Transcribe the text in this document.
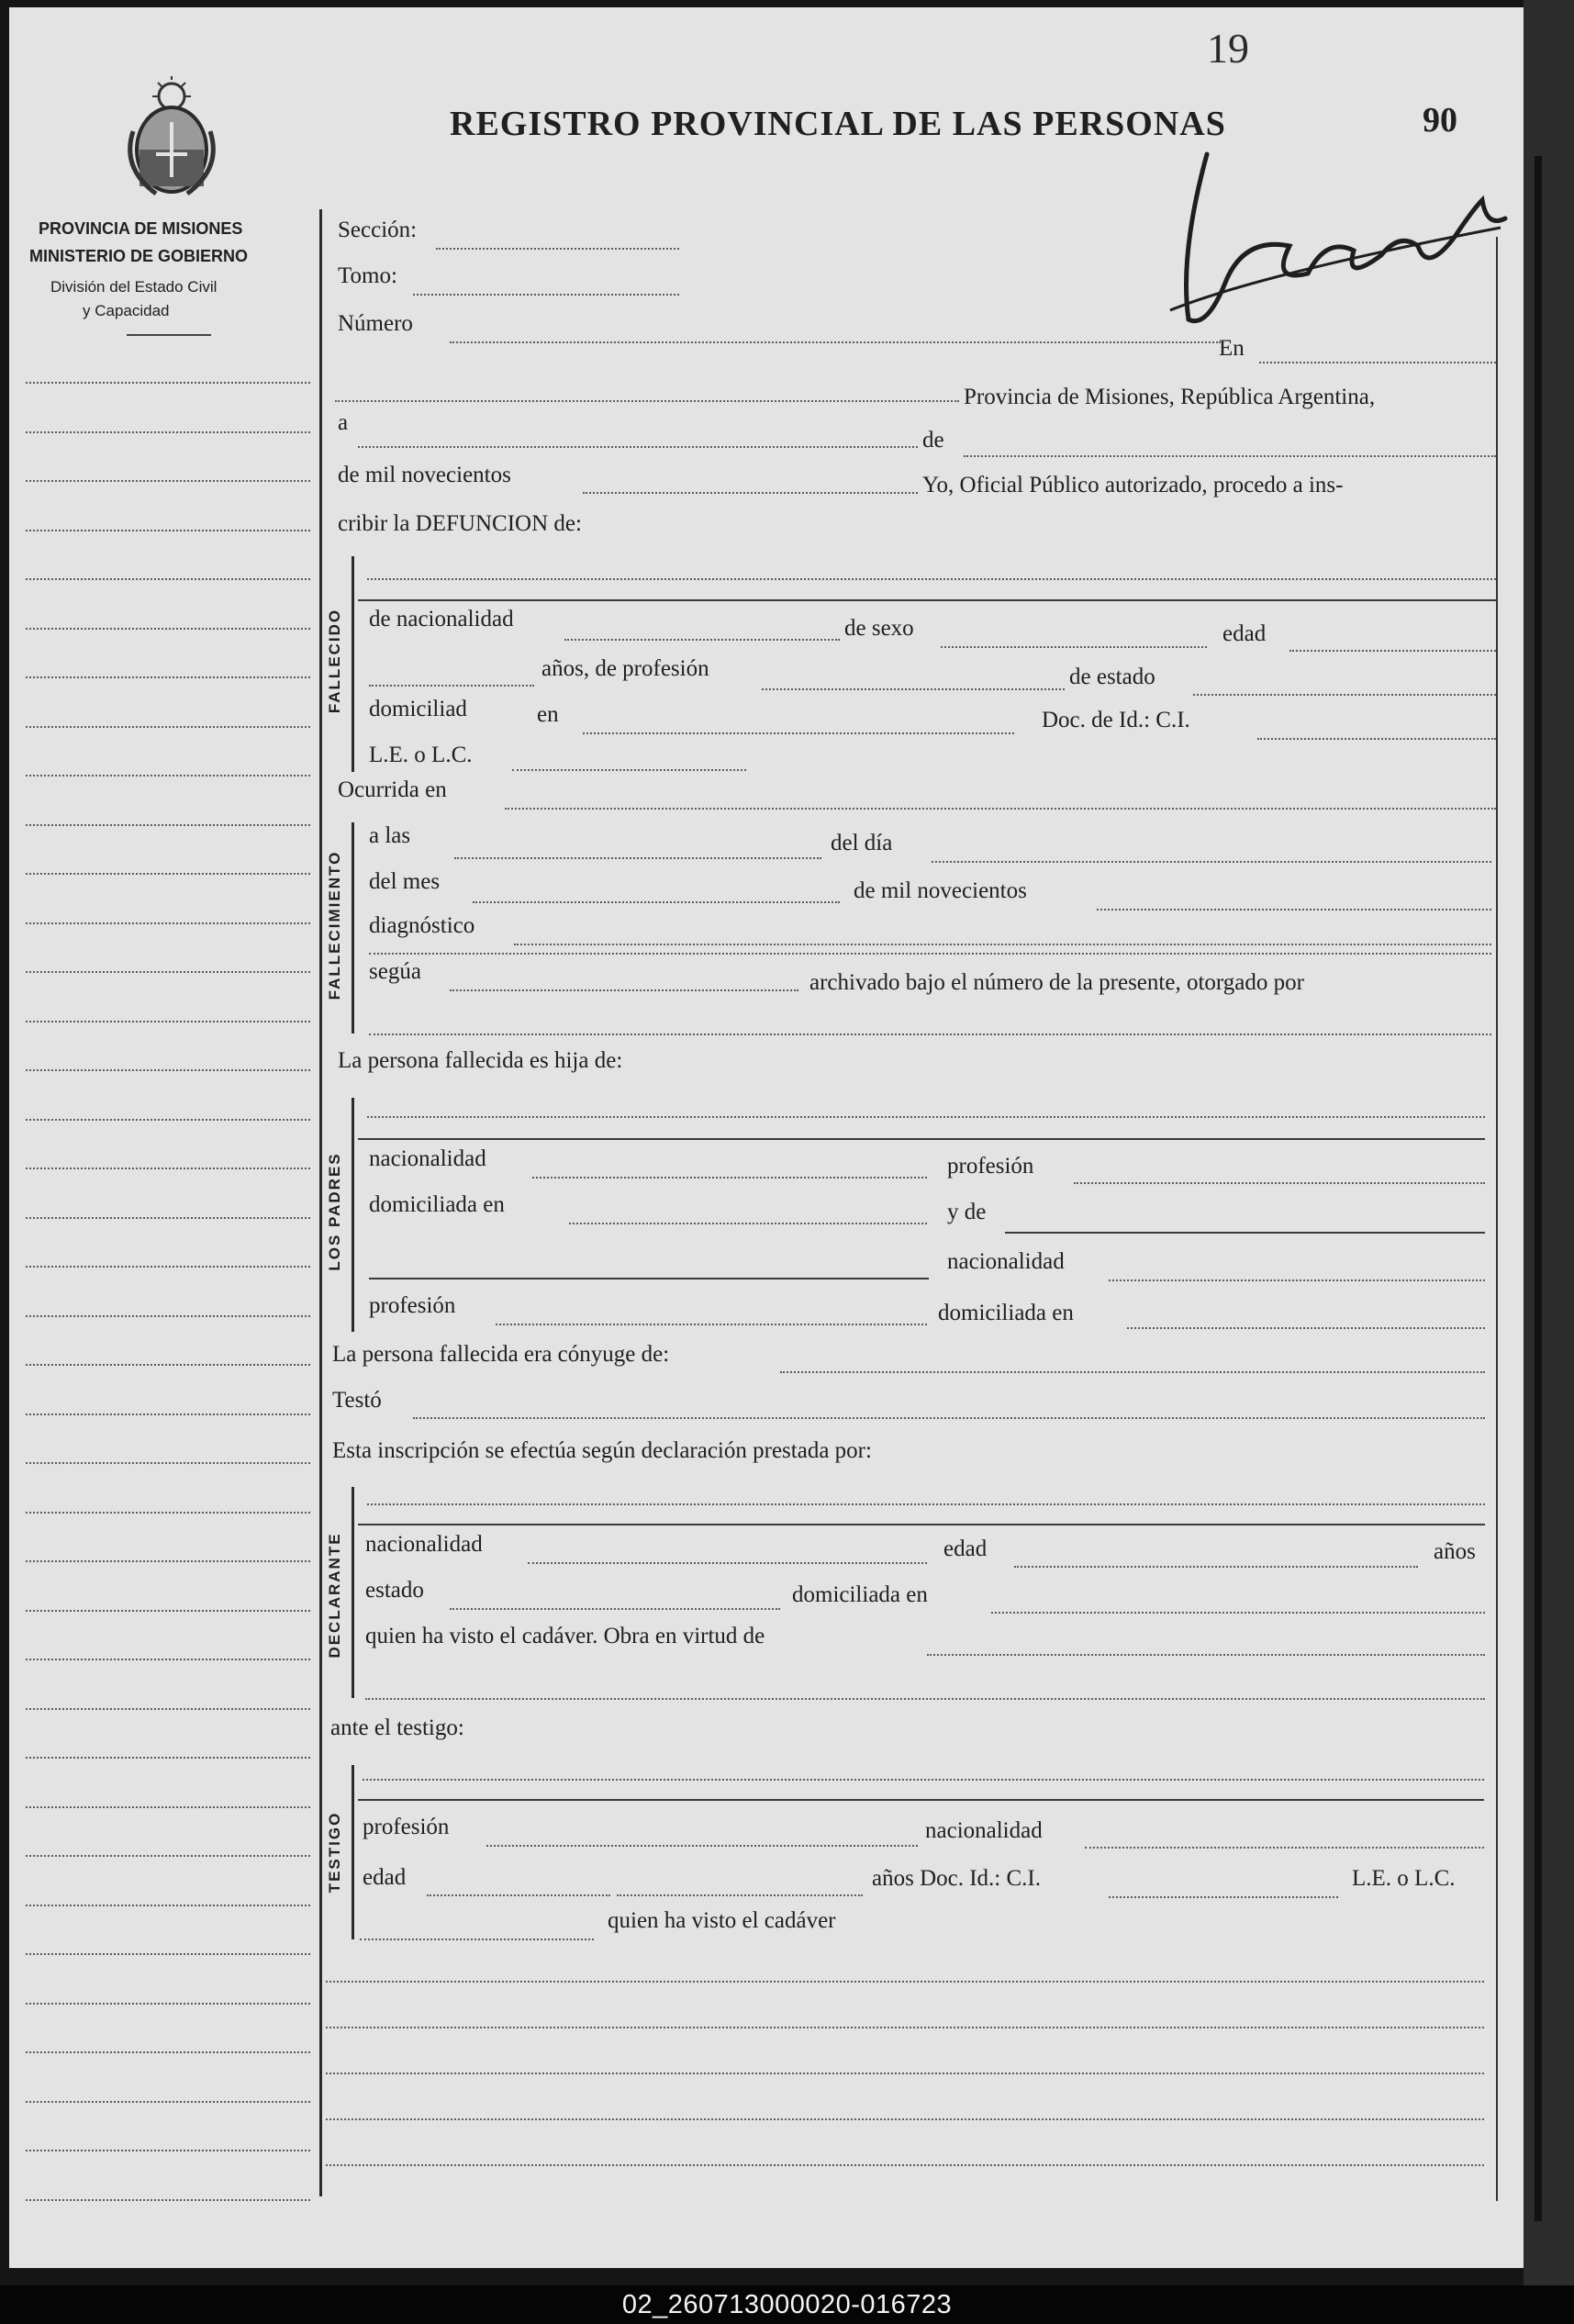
19
REGISTRO PROVINCIAL DE LAS PERSONAS	90
PROVINCIA DE MISIONES
MINISTERIO DE GOBIERNO
División del Estado Civil
y Capacidad
Sección:
Tomo:
Número
En
Provincia de Misiones, República Argentina,
a
de
de mil novecientos	Yo, Oficial Público autorizado, procedo a ins-
cribir la DEFUNCION de:
FALLECIDO de nacionalidad	de sexo	edad
años, de profesión	de estado
domiciliad	en	Doc. de Id.: C.I.
L.E. o L.C.
Ocurrida en
FALLECIMIENTO
a las	del día
del mes	de mil novecientos
diagnóstico
segúa	archivado bajo el número de la presente, otorgado por
La persona fallecida es hija de:
LOS PADRES nacionalidad	profesión
domiciliada en	y de
nacionalidad
profesión	domiciliada en
La persona fallecida era cónyuge de:
Testó
Esta inscripción se efectúa según declaración prestada por:
DECLARANTE nacionalidad	edad	años
estado	domiciliada en
quien ha visto el cadáver. Obra en virtud de
ante el testigo:
TESTIGO profesión	nacionalidad
edad	años Doc. Id.: C.I.	L.E. o L.C.
quien ha visto el cadáver
02_260713000020-016723
